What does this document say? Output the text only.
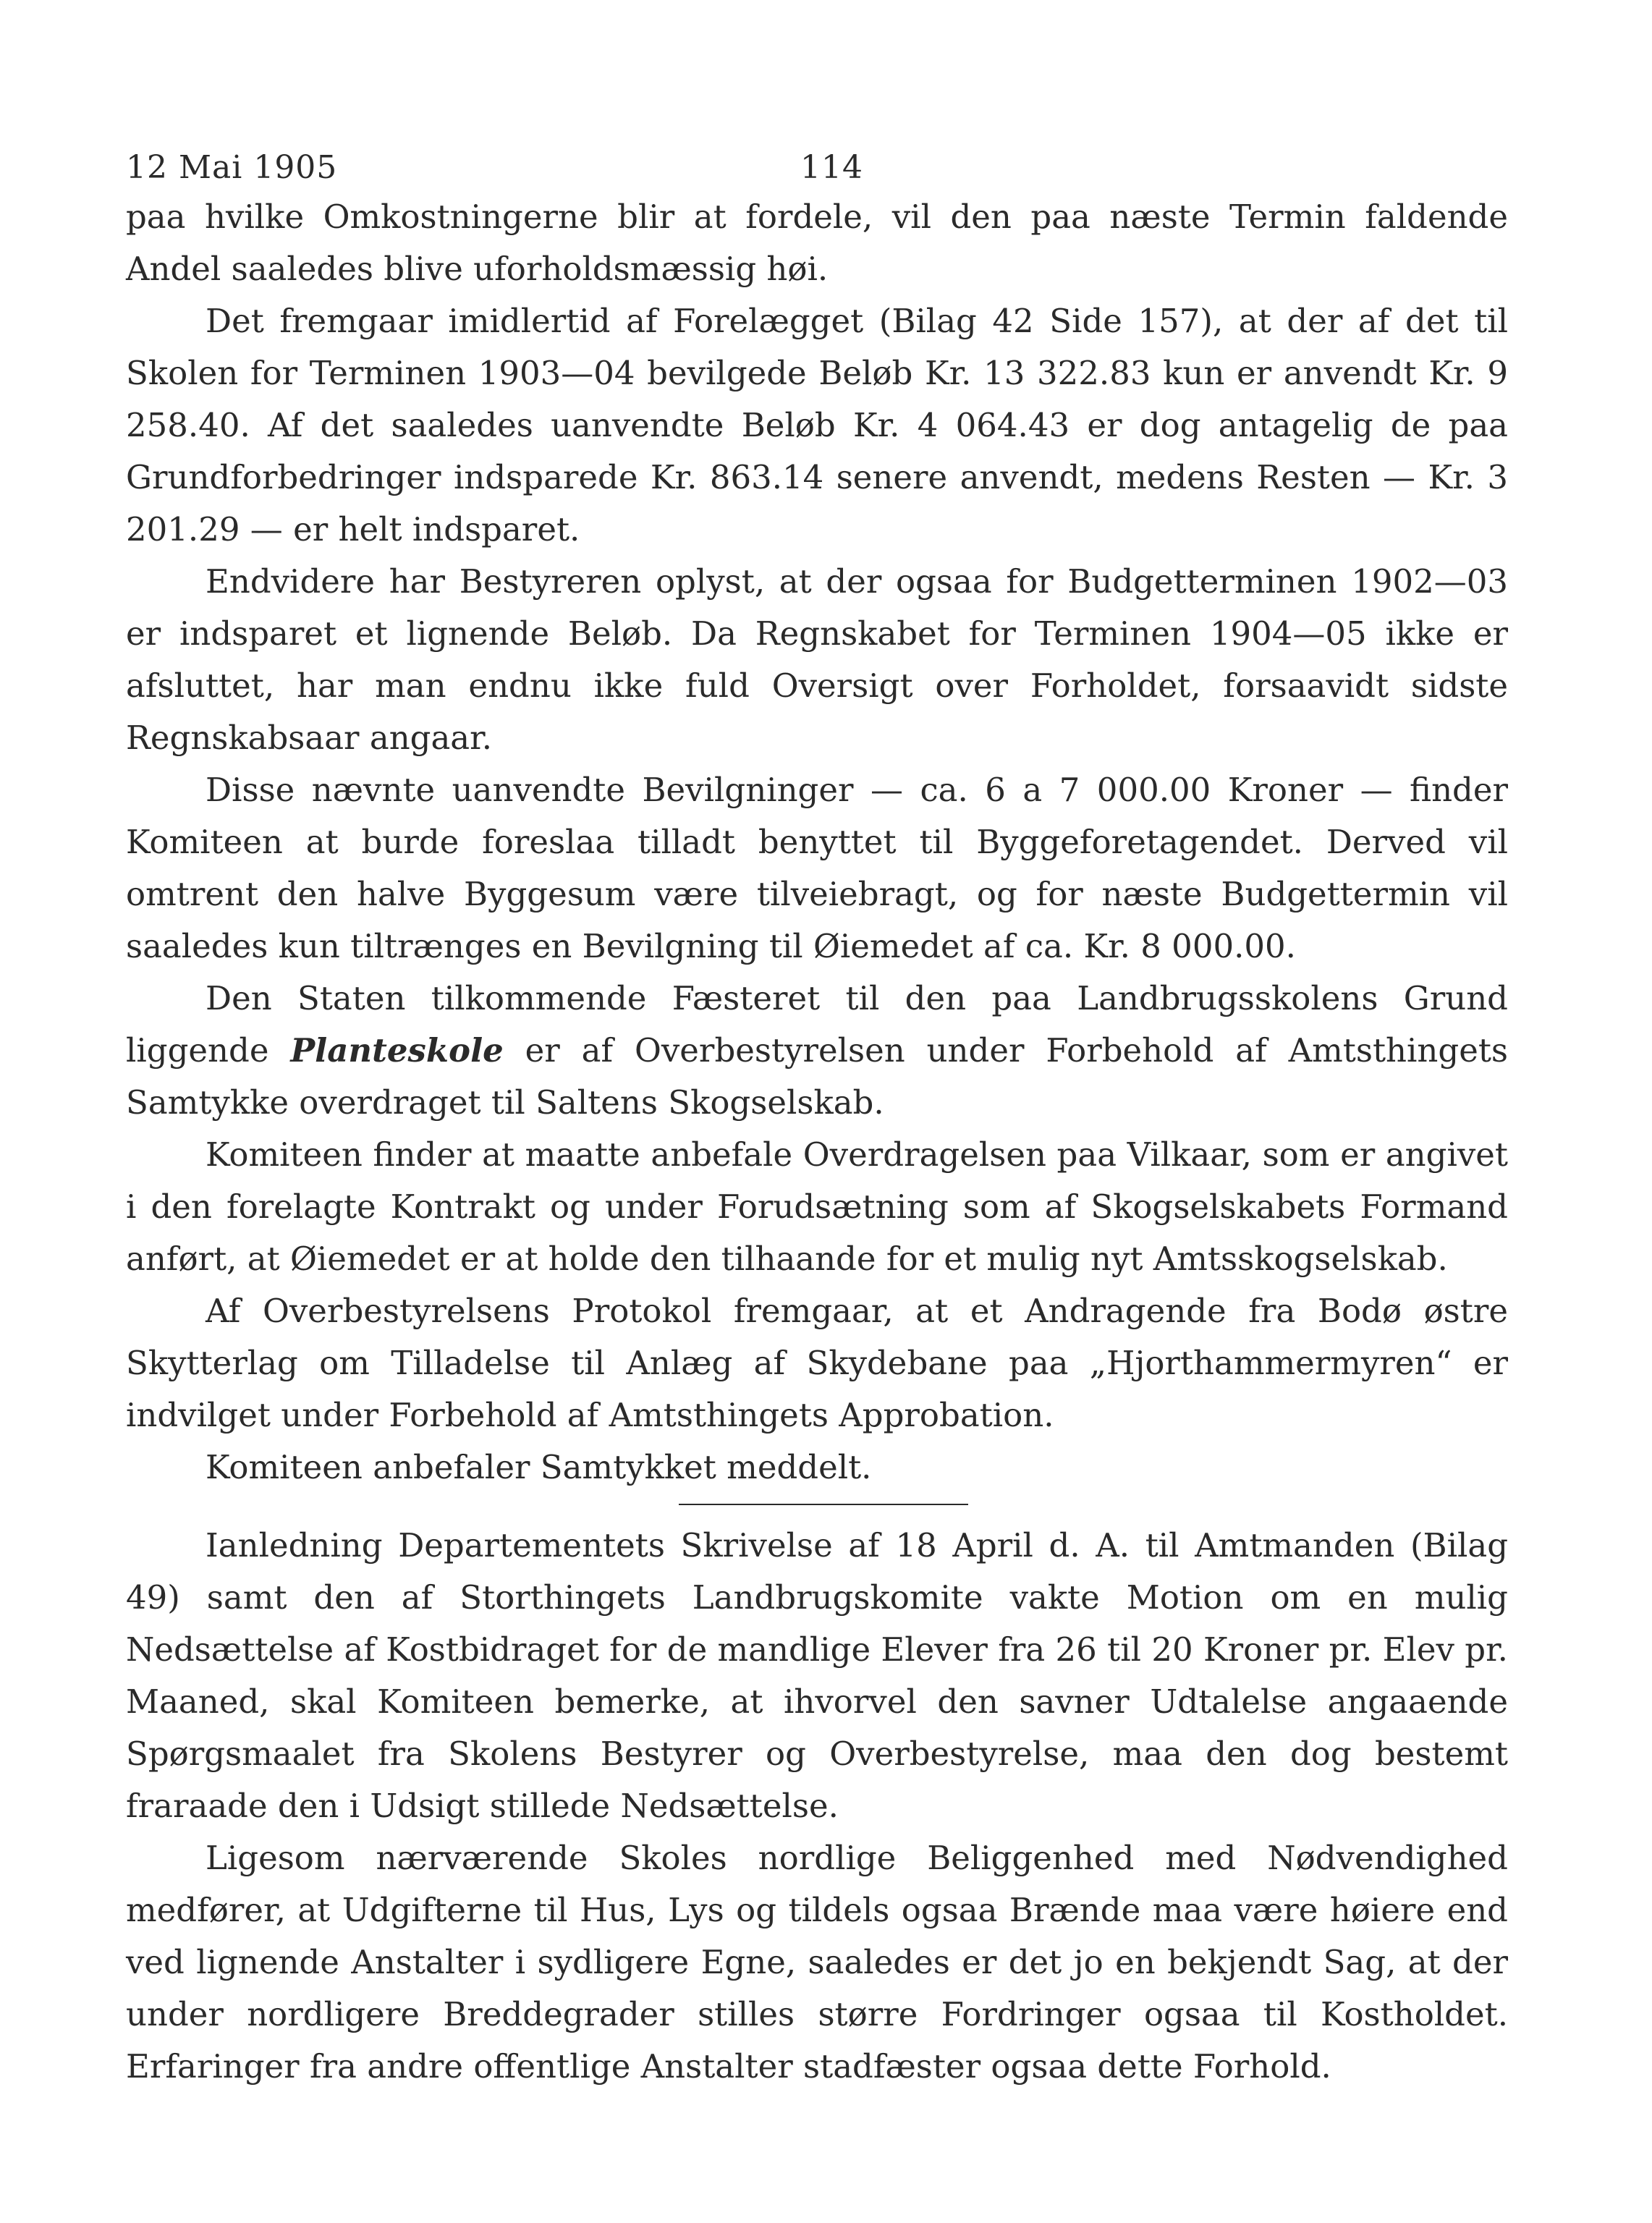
12 Mai 1905	114

paa hvilke Omkostningerne blir at fordele, vil den paa næste Termin faldende Andel saaledes blive uforholdsmæssig høi.

Det fremgaar imidlertid af Forelægget (Bilag 42 Side 157), at der af det til Skolen for Terminen 1903—04 bevilgede Beløb Kr. 13 322.83 kun er anvendt Kr. 9 258.40. Af det saaledes uanvendte Beløb Kr. 4 064.43 er dog antagelig de paa Grundforbedringer indsparede Kr. 863.14 senere anvendt, medens Resten — Kr. 3 201.29 — er helt indsparet.

Endvidere har Bestyreren oplyst, at der ogsaa for Budgetterminen 1902—03 er indsparet et lignende Beløb. Da Regnskabet for Terminen 1904—05 ikke er afsluttet, har man endnu ikke fuld Oversigt over Forholdet, forsaavidt sidste Regnskabsaar angaar.

Disse nævnte uanvendte Bevilgninger — ca. 6 a 7 000.00 Kroner — finder Komiteen at burde foreslaa tilladt benyttet til Byggeforetagendet. Derved vil omtrent den halve Byggesum være tilveiebragt, og for næste Budgettermin vil saaledes kun tiltrænges en Bevilgning til Øiemedet af ca. Kr. 8 000.00.

Den Staten tilkommende Fæsteret til den paa Landbrugsskolens Grund liggende Planteskole er af Overbestyrelsen under Forbehold af Amtsthingets Samtykke overdraget til Saltens Skogselskab.

Komiteen finder at maatte anbefale Overdragelsen paa Vilkaar, som er angivet i den forelagte Kontrakt og under Forudsætning som af Skogselskabets Formand anført, at Øiemedet er at holde den tilhaande for et mulig nyt Amtsskogselskab.

Af Overbestyrelsens Protokol fremgaar, at et Andragende fra Bodø østre Skytterlag om Tilladelse til Anlæg af Skydebane paa „Hjorthammermyren“ er indvilget under Forbehold af Amtsthingets Approbation.

Komiteen anbefaler Samtykket meddelt.

Ianledning Departementets Skrivelse af 18 April d. A. til Amtmanden (Bilag 49) samt den af Storthingets Landbrugskomite vakte Motion om en mulig Nedsættelse af Kostbidraget for de mandlige Elever fra 26 til 20 Kroner pr. Elev pr. Maaned, skal Komiteen bemerke, at ihvorvel den savner Udtalelse angaaende Spørgsmaalet fra Skolens Bestyrer og Overbestyrelse, maa den dog bestemt fraraade den i Udsigt stillede Nedsættelse.

Ligesom nærværende Skoles nordlige Beliggenhed med Nødvendighed medfører, at Udgifterne til Hus, Lys og tildels ogsaa Brænde maa være høiere end ved lignende Anstalter i sydligere Egne, saaledes er det jo en bekjendt Sag, at der under nordligere Breddegrader stilles større Fordringer ogsaa til Kostholdet. Erfaringer fra andre offentlige Anstalter stadfæster ogsaa dette Forhold.
